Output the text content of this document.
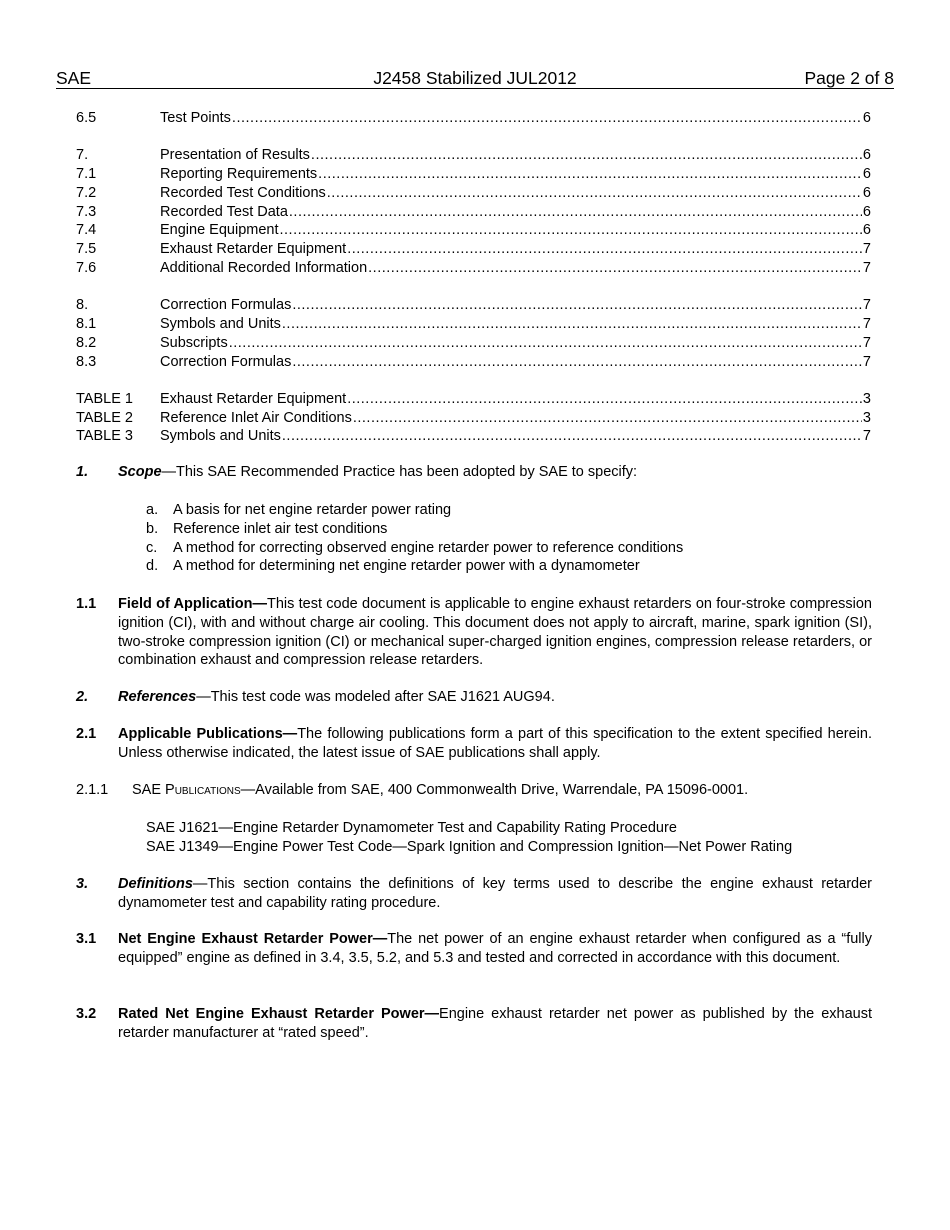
SAE	J2458 Stabilized JUL2012	Page 2 of 8
6.5	Test Points .....	6
7.	Presentation of Results .....	6
7.1	Reporting Requirements .....	6
7.2	Recorded Test Conditions .....	6
7.3	Recorded Test Data .....	6
7.4	Engine Equipment .....	6
7.5	Exhaust Retarder Equipment .....	7
7.6	Additional Recorded Information .....	7
8.	Correction Formulas .....	7
8.1	Symbols and Units .....	7
8.2	Subscripts .....	7
8.3	Correction Formulas .....	7
TABLE 1	Exhaust Retarder Equipment .....	3
TABLE 2	Reference Inlet Air Conditions .....	3
TABLE 3	Symbols and Units .....	7
1. Scope—This SAE Recommended Practice has been adopted by SAE to specify:
a.	A basis for net engine retarder power rating
b.	Reference inlet air test conditions
c.	A method for correcting observed engine retarder power to reference conditions
d.	A method for determining net engine retarder power with a dynamometer
1.1 Field of Application—This test code document is applicable to engine exhaust retarders on four-stroke compression ignition (CI), with and without charge air cooling. This document does not apply to aircraft, marine, spark ignition (SI), two-stroke compression ignition (CI) or mechanical super-charged ignition engines, compression release retarders, or combination exhaust and compression release retarders.
2. References—This test code was modeled after SAE J1621 AUG94.
2.1 Applicable Publications—The following publications form a part of this specification to the extent specified herein. Unless otherwise indicated, the latest issue of SAE publications shall apply.
2.1.1 SAE Publications—Available from SAE, 400 Commonwealth Drive, Warrendale, PA 15096-0001.
SAE J1621—Engine Retarder Dynamometer Test and Capability Rating Procedure
SAE J1349—Engine Power Test Code—Spark Ignition and Compression Ignition—Net Power Rating
3. Definitions—This section contains the definitions of key terms used to describe the engine exhaust retarder dynamometer test and capability rating procedure.
3.1 Net Engine Exhaust Retarder Power—The net power of an engine exhaust retarder when configured as a “fully equipped” engine as defined in 3.4, 3.5, 5.2, and 5.3 and tested and corrected in accordance with this document.
3.2 Rated Net Engine Exhaust Retarder Power—Engine exhaust retarder net power as published by the exhaust retarder manufacturer at “rated speed”.
